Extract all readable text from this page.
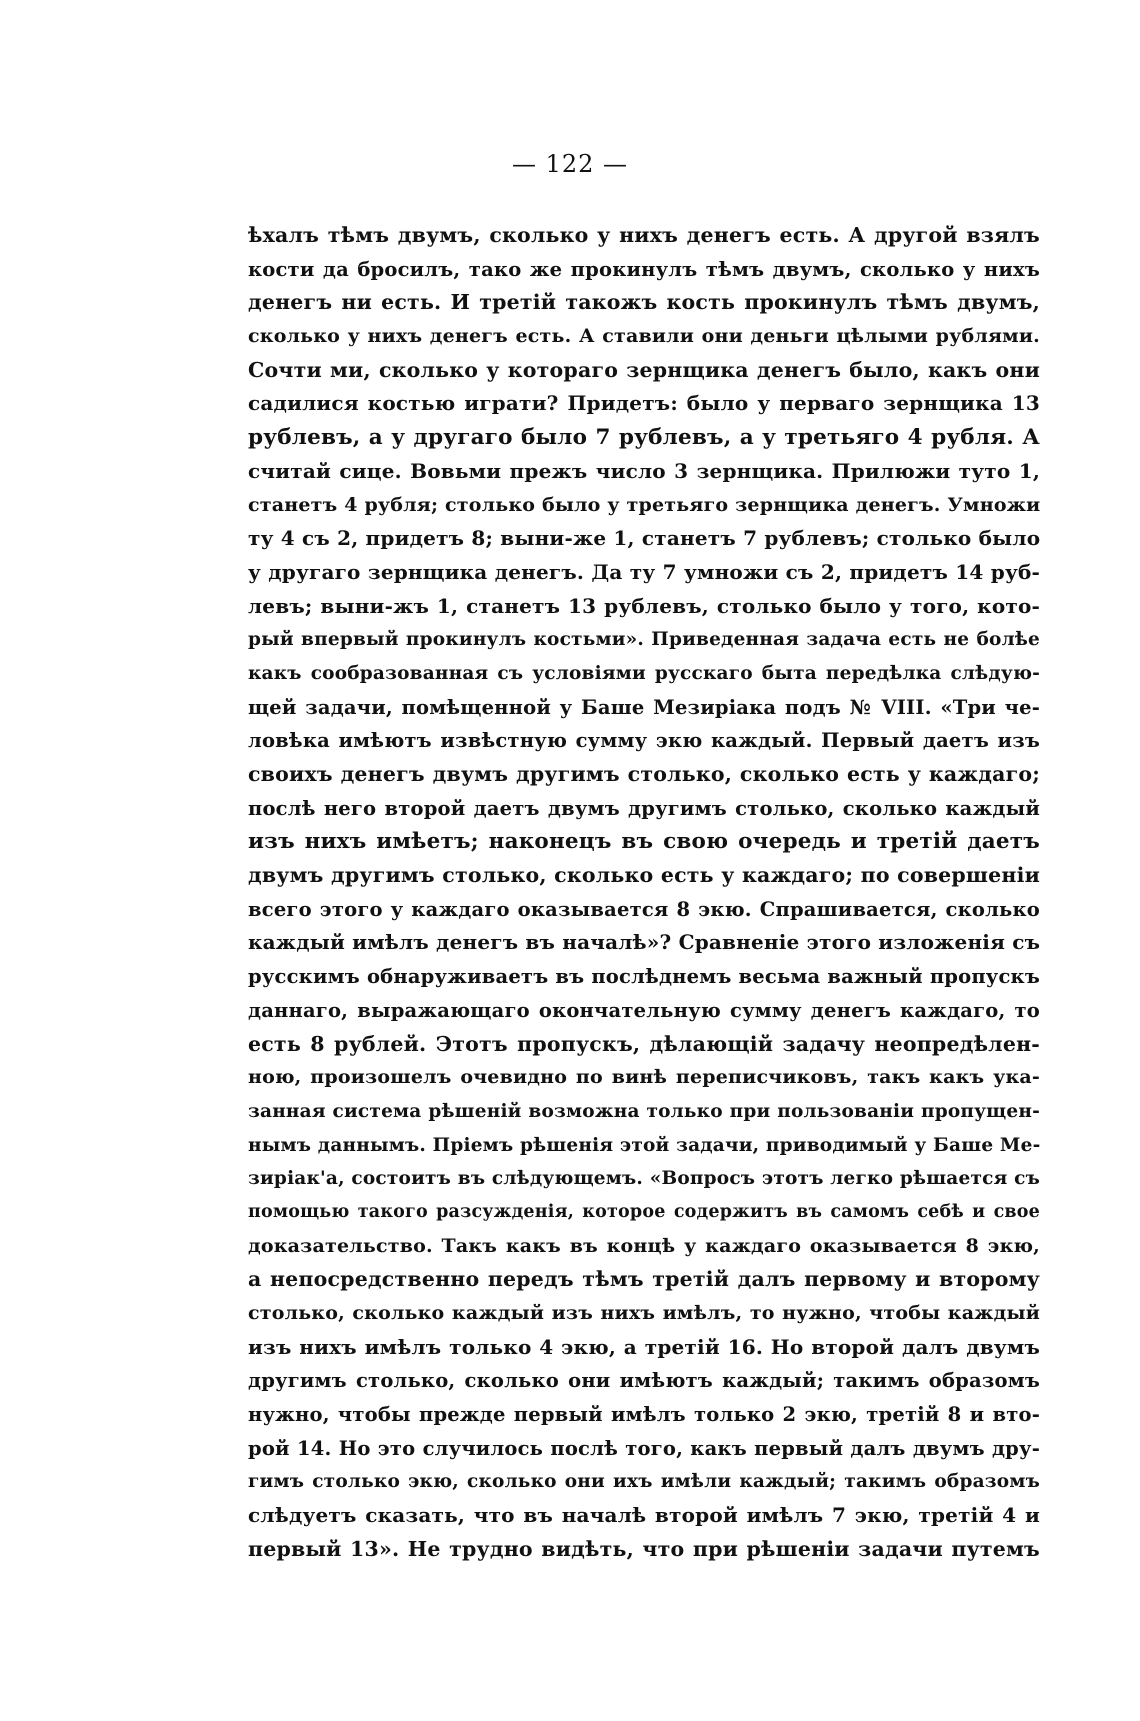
— 122 —
ѣхалъ тѣмъ двумъ, сколько у нихъ денегъ есть. А другой взялъ
кости да бросилъ, тако же прокинулъ тѣмъ двумъ, сколько у нихъ
денегъ ни есть. И третій такожъ кость прокинулъ тѣмъ двумъ,
сколько у нихъ денегъ есть. А ставили они деньги цѣлыми рублями.
Сочти ми, сколько у котораго зернщика денегъ было, какъ они
садилися костью играти? Придетъ: было у перваго зернщика 13
рублевъ, а у другаго было 7 рублевъ, а у третьяго 4 рубля. А
считай сице. Вовьми прежъ число 3 зернщика. Прилюжи туто 1,
станетъ 4 рубля; столько было у третьяго зернщика денегъ. Умножи
ту 4 съ 2, придетъ 8; выни-же 1, станетъ 7 рублевъ; столько было
у другаго зернщика денегъ. Да ту 7 умножи съ 2, придетъ 14 руб-
левъ; выни-жъ 1, станетъ 13 рублевъ, столько было у того, кото-
рый впервый прокинулъ костьми». Приведенная задача есть не болѣе
какъ сообразованная съ условіями русскаго быта передѣлка слѣдую-
щей задачи, помѣщенной у Баше Мезиріака подъ № VIII. «Три че-
ловѣка имѣютъ извѣстную сумму экю каждый. Первый даетъ изъ
своихъ денегъ двумъ другимъ столько, сколько есть у каждаго;
послѣ него второй даетъ двумъ другимъ столько, сколько каждый
изъ нихъ имѣетъ; наконецъ въ свою очередь и третій даетъ
двумъ другимъ столько, сколько есть у каждаго; по совершеніи
всего этого у каждаго оказывается 8 экю. Спрашивается, сколько
каждый имѣлъ денегъ въ началѣ»? Сравненіе этого изложенія съ
русскимъ обнаруживаетъ въ послѣднемъ весьма важный пропускъ
даннаго, выражающаго окончательную сумму денегъ каждаго, то
есть 8 рублей. Этотъ пропускъ, дѣлающій задачу неопредѣлен-
ною, произошелъ очевидно по винѣ переписчиковъ, такъ какъ ука-
занная система рѣшеній возможна только при пользованіи пропущен-
нымъ даннымъ. Пріемъ рѣшенія этой задачи, приводимый у Баше Ме-
зиріак'а, состоитъ въ слѣдующемъ. «Вопросъ этотъ легко рѣшается съ
помощью такого разсужденія, которое содержитъ въ самомъ себѣ и свое
доказательство. Такъ какъ въ концѣ у каждаго оказывается 8 экю,
а непосредственно передъ тѣмъ третій далъ первому и второму
столько, сколько каждый изъ нихъ имѣлъ, то нужно, чтобы каждый
изъ нихъ имѣлъ только 4 экю, а третій 16. Но второй далъ двумъ
другимъ столько, сколько они имѣютъ каждый; такимъ образомъ
нужно, чтобы прежде первый имѣлъ только 2 экю, третій 8 и вто-
рой 14. Но это случилось послѣ того, какъ первый далъ двумъ дру-
гимъ столько экю, сколько они ихъ имѣли каждый; такимъ образомъ
слѣдуетъ сказать, что въ началѣ второй имѣлъ 7 экю, третій 4 и
первый 13». Не трудно видѣть, что при рѣшеніи задачи путемъ
